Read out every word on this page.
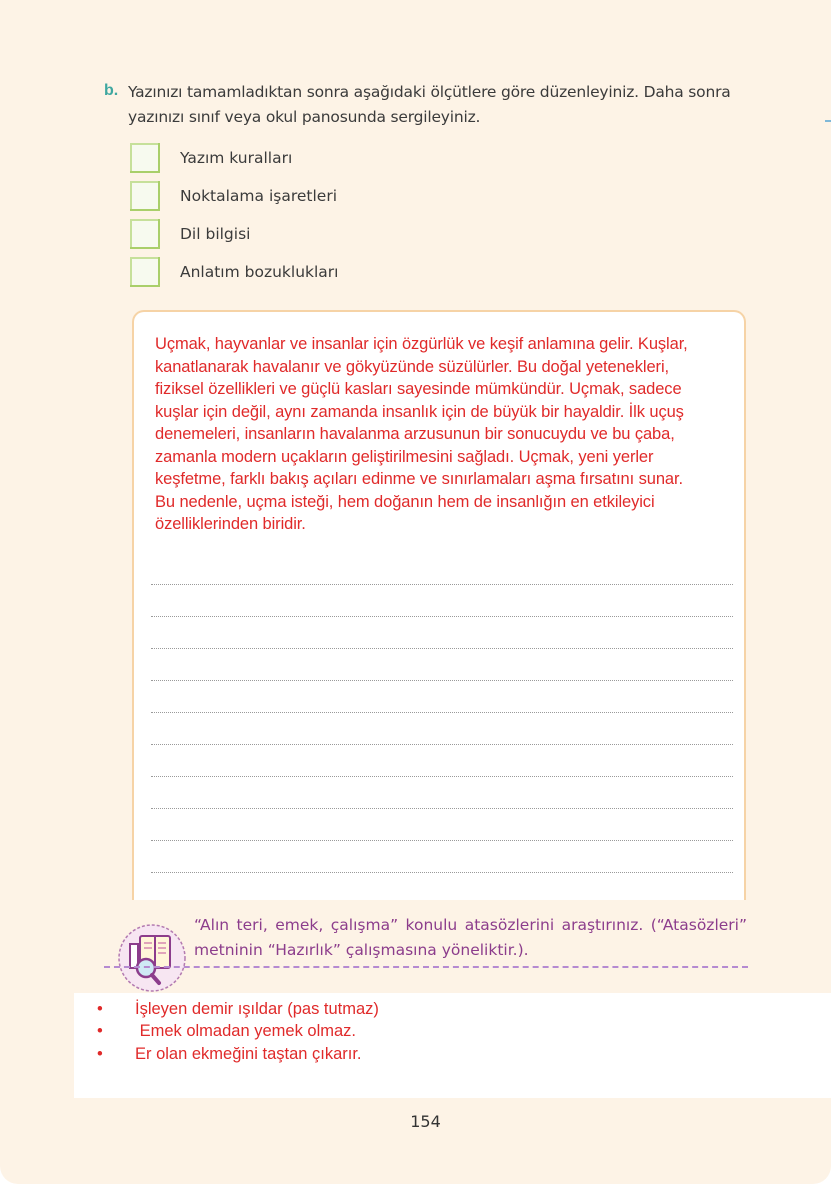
b. Yazınızı tamamladıktan sonra aşağıdaki ölçütlere göre düzenleyiniz. Daha sonra yazınızı sınıf veya okul panosunda sergileyiniz.
Yazım kuralları
Noktalama işaretleri
Dil bilgisi
Anlatım bozuklukları
Uçmak, hayvanlar ve insanlar için özgürlük ve keşif anlamına gelir. Kuşlar,
kanatlanarak havalanır ve gökyüzünde süzülürler. Bu doğal yetenekleri,
fiziksel özellikleri ve güçlü kasları sayesinde mümkündür. Uçmak, sadece
kuşlar için değil, aynı zamanda insanlık için de büyük bir hayaldir. İlk uçuş
denemeleri, insanların havalanma arzusunun bir sonucuydu ve bu çaba,
zamanla modern uçakların geliştirilmesini sağladı. Uçmak, yeni yerler
keşfetme, farklı bakış açıları edinme ve sınırlamaları aşma fırsatını sunar.
Bu nedenle, uçma isteği, hem doğanın hem de insanlığın en etkileyici
özelliklerinden biridir.
“Alın teri, emek, çalışma” konulu atasözlerini araştırınız. (“Atasözleri” metninin “Hazırlık” çalışmasına yöneliktir.).
• İşleyen demir ışıldar (pas tutmaz)
• Emek olmadan yemek olmaz.
• Er olan ekmeğini taştan çıkarır.
154
